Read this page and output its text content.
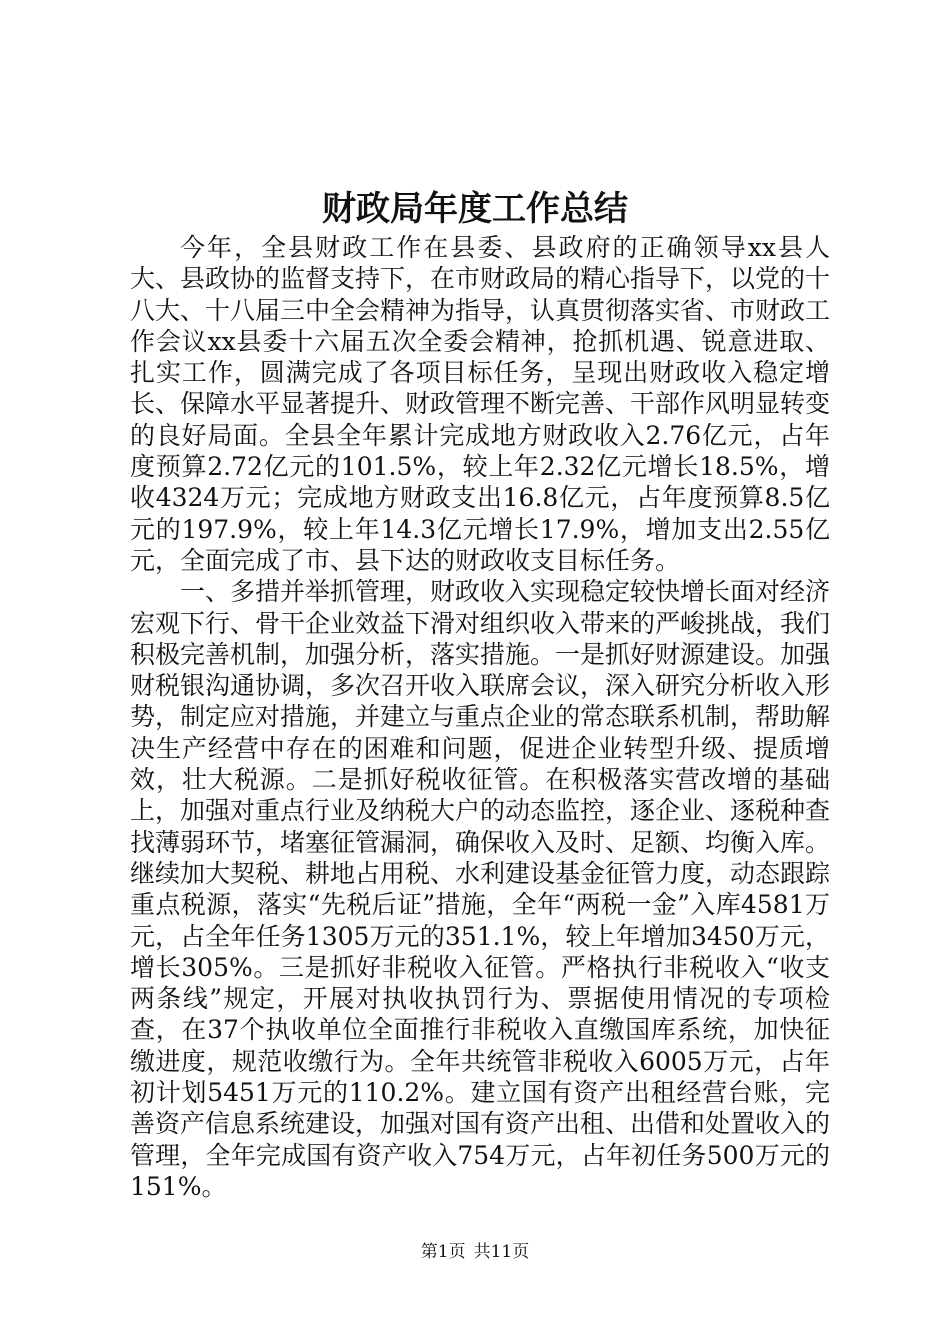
财政局年度工作总结

今年，全县财政工作在县委、县政府的正确领导xx县人大、县政协的监督支持下，在市财政局的精心指导下，以党的十八大、十八届三中全会精神为指导，认真贯彻落实省、市财政工作会议xx县委十六届五次全委会精神，抢抓机遇、锐意进取、扎实工作，圆满完成了各项目标任务，呈现出财政收入稳定增长、保障水平显著提升、财政管理不断完善、干部作风明显转变的良好局面。全县全年累计完成地方财政收入2.76亿元，占年度预算2.72亿元的101.5%，较上年2.32亿元增长18.5%，增收4324万元；完成地方财政支出16.8亿元，占年度预算8.5亿元的197.9%，较上年14.3亿元增长17.9%，增加支出2.55亿元，全面完成了市、县下达的财政收支目标任务。

一、多措并举抓管理，财政收入实现稳定较快增长面对经济宏观下行、骨干企业效益下滑对组织收入带来的严峻挑战，我们积极完善机制，加强分析，落实措施。一是抓好财源建设。加强财税银沟通协调，多次召开收入联席会议，深入研究分析收入形势，制定应对措施，并建立与重点企业的常态联系机制，帮助解决生产经营中存在的困难和问题，促进企业转型升级、提质增效，壮大税源。二是抓好税收征管。在积极落实营改增的基础上，加强对重点行业及纳税大户的动态监控，逐企业、逐税种查找薄弱环节，堵塞征管漏洞，确保收入及时、足额、均衡入库。继续加大契税、耕地占用税、水利建设基金征管力度，动态跟踪重点税源，落实“先税后证”措施，全年“两税一金”入库4581万元，占全年任务1305万元的351.1%，较上年增加3450万元，增长305%。三是抓好非税收入征管。严格执行非税收入“收支两条线”规定，开展对执收执罚行为、票据使用情况的专项检查，在37个执收单位全面推行非税收入直缴国库系统，加快征缴进度，规范收缴行为。全年共统管非税收入6005万元，占年初计划5451万元的110.2%。建立国有资产出租经营台账，完善资产信息系统建设，加强对国有资产出租、出借和处置收入的管理，全年完成国有资产收入754万元，占年初任务500万元的151%。

第1页 共11页
